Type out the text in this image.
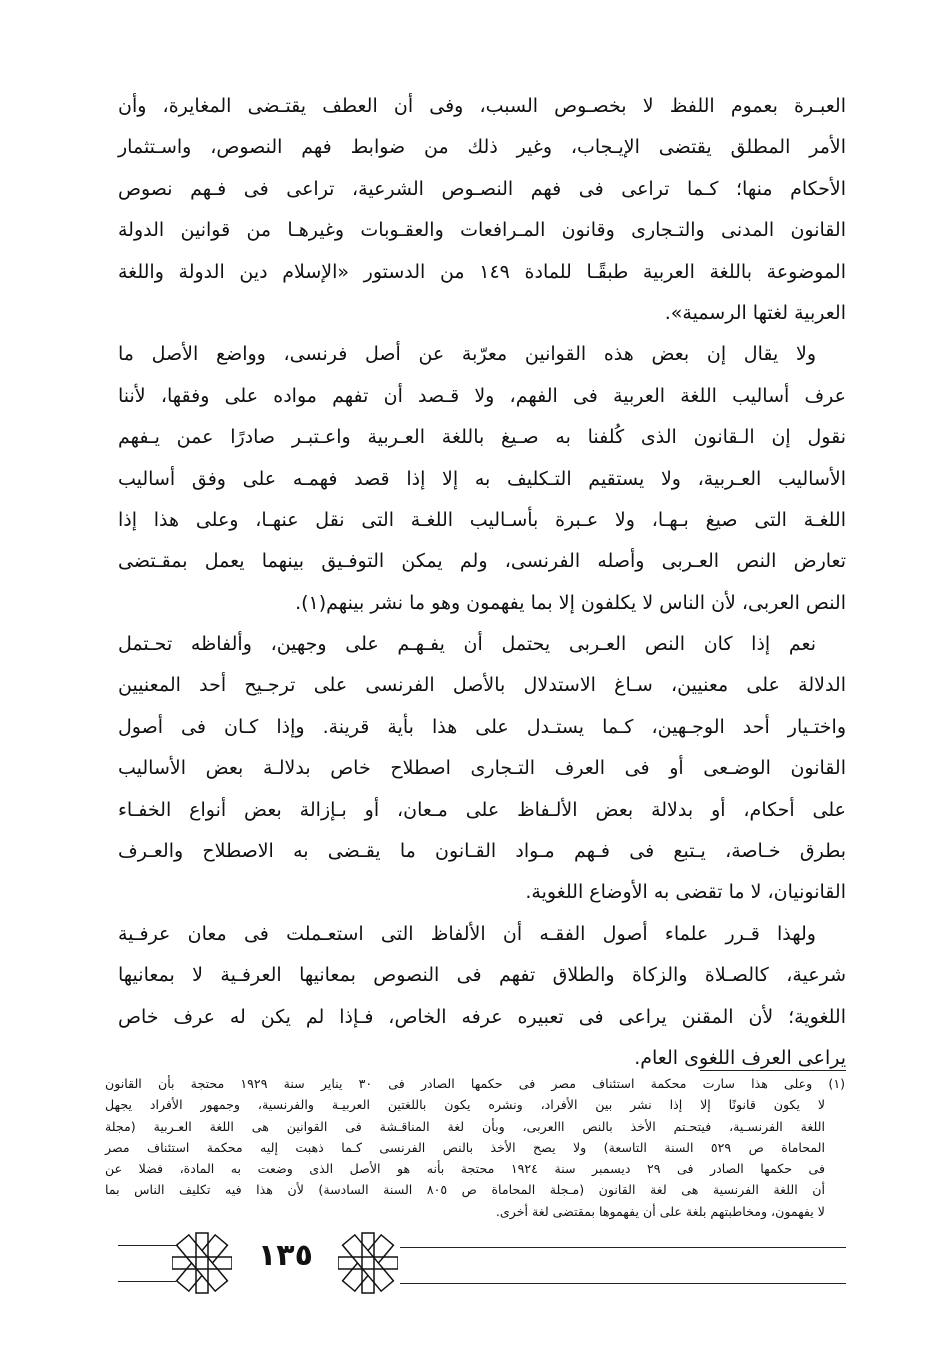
العبـرة بعموم اللفظ لا بخصـوص السبب، وفى أن العطف يقتـضى المغايرة، وأن
الأمر المطلق يقتضى الإيـجاب، وغير ذلك من ضوابط فهم النصوص، واسـتثمار
الأحكام منها؛ كـما تراعى فى فهم النصـوص الشرعية، تراعى فى فـهم نصوص
القانون المدنى والتـجارى وقانون المـرافعات والعقـوبات وغيرهـا من قوانين الدولة
الموضوعة باللغة العربية طبقًـا للمادة ١٤٩ من الدستور «الإسلام دين الدولة واللغة
العربية لغتها الرسمية».
ولا يقال إن بعض هذه القوانين معرّبة عن أصل فرنسى، وواضع الأصل ما
عرف أساليب اللغة العربية فى الفهم، ولا قـصد أن تفهم مواده على وفقها، لأننا
نقول إن الـقانون الذى كُلفنا به صـيغ باللغة العـربية واعـتبـر صادرًا عمن يـفهم
الأساليب العـربية، ولا يستقيم التـكليف به إلا إذا قصد فهمـه على وفق أساليب
اللغـة التى صيغ بـهـا، ولا عـبرة بأسـاليب اللغـة التى نقل عنهـا، وعلى هذا إذا
تعارض النص العـربى وأصله الفرنسى، ولم يمكن التوفـيق بينهما يعمل بمقـتضى
النص العربى، لأن الناس لا يكلفون إلا بما يفهمون وهو ما نشر بينهم(١).
نعم إذا كان النص العـربى يحتمل أن يفـهـم على وجهين، وألفاظه تحـتمل
الدلالة على معنيين، سـاغ الاستدلال بالأصل الفرنسى على ترجـيح أحد المعنيين
واختـيار أحد الوجـهين، كـما يستـدل على هذا بأية قرينة. وإذا كـان فى أصول
القانون الوضـعى أو فى العرف التـجارى اصطلاح خاص بدلالـة بعض الأساليب
على أحكام، أو بدلالة بعض الألـفاظ على مـعان، أو بـإزالة بعض أنواع الخفـاء
بطرق خـاصة، يـتبع فى فـهم مـواد القـانون ما يقـضى به الاصطلاح والعـرف
القانونيان، لا ما تقضى به الأوضاع اللغوية.
ولهذا قـرر علماء أصول الفقـه أن الألفاظ التى استعـملت فى معان عرفـية
شرعية، كالصـلاة والزكاة والطلاق تفهم فى النصوص بمعانيها العرفـية لا بمعانيها
اللغوية؛ لأن المقنن يراعى فى تعبيره عرفه الخاص، فـإذا لم يكن له عرف خاص
يراعى العرف اللغوى العام.
(١) وعلى هذا سارت محكمة استئناف مصر فى حكمها الصادر فى ٣٠ يناير سنة ١٩٢٩ محتجة بأن القانون
لا يكون قانونًا إلا إذا نشر بين الأفراد، ونشره يكون باللغتين العربيـة والفرنسية، وجمهور الأفراد يجهل
اللغة الفرنسـية، فيتحـتم الأخذ بالنص االعربى، وبأن لغة المناقـشة فى القوانين هى اللغة العـربية (مجلة
المحاماة ص ٥٢٩ السنة التاسعة) ولا يصح الأخذ بالنص الفرنسى كـما ذهبت إليه محكمة استئناف مصر
فى حكمها الصادر فى ٢٩ ديسمبر سنة ١٩٢٤ محتجة بأنه هو الأصل الذى وضعت به المادة، فضلا عن
أن اللغة الفرنسية هى لغة القانون (مـجلة المحاماة ص ٨٠٥ السنة السادسة) لأن هذا فيه تكليف الناس بما
لا يفهمون، ومخاطبتهم بلغة على أن يفهموها بمقتضى لغة أخرى.
١٣٥
